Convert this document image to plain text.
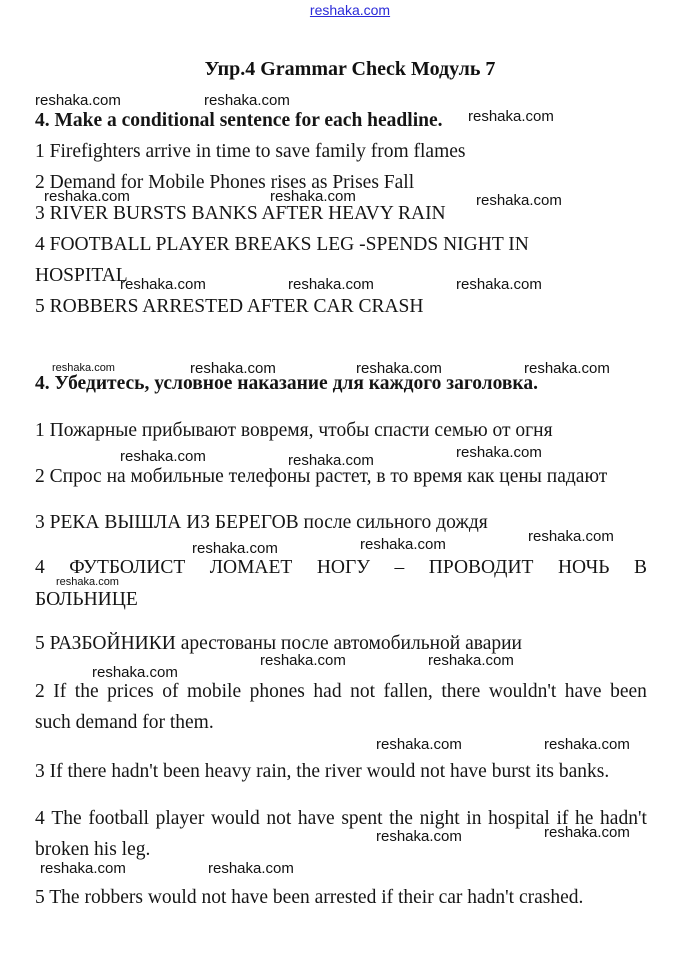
reshaka.com
Упр.4 Grammar Check Модуль 7
4. Make a conditional sentence for each headline.
1 Firefighters arrive in time to save family from flames
2 Demand for Mobile Phones rises as Prises Fall
3 RIVER BURSTS BANKS AFTER HEAVY RAIN
4 FOOTBALL PLAYER BREAKS LEG -SPENDS NIGHT IN
HOSPITAL
5 ROBBERS ARRESTED AFTER CAR CRASH
4. Убедитесь, условное наказание для каждого заголовка.
1 Пожарные прибывают вовремя, чтобы спасти семью от огня
2 Спрос на мобильные телефоны растет, в то время как цены падают
3 РЕКА ВЫШЛА ИЗ БЕРЕГОВ после сильного дождя
4 ФУТБОЛИСТ ЛОМАЕТ НОГУ – ПРОВОДИТ НОЧЬ В
БОЛЬНИЦЕ
5 РАЗБОЙНИКИ арестованы после автомобильной аварии
2 If the prices of mobile phones had not fallen, there wouldn't have been
such demand for them.
3 If there hadn't been heavy rain, the river would not have burst its banks.
4 The football player would not have spent the night in hospital if he hadn't
broken his leg.
5 The robbers would not have been arrested if their car hadn't crashed.
reshaka.com	reshaka.com
reshaka.com
reshaka.com	reshaka.com	reshaka.com
reshaka.com	reshaka.com	reshaka.com
reshaka.com	reshaka.com	reshaka.com	reshaka.com
reshaka.com	reshaka.com	reshaka.com
reshaka.com
reshaka.com	reshaka.com
reshaka.com
reshaka.com	reshaka.com
reshaka.com
reshaka.com	reshaka.com
reshaka.com
reshaka.com
reshaka.com	reshaka.com
